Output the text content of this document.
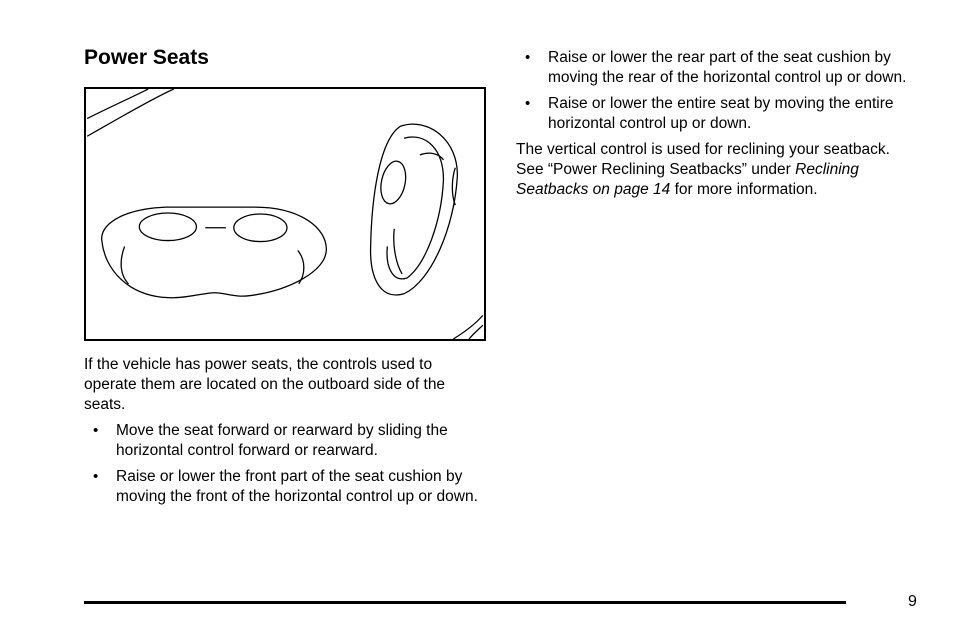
Power Seats

If the vehicle has power seats, the controls used to operate them are located on the outboard side of the seats.

• Move the seat forward or rearward by sliding the horizontal control forward or rearward.
• Raise or lower the front part of the seat cushion by moving the front of the horizontal control up or down.
• Raise or lower the rear part of the seat cushion by moving the rear of the horizontal control up or down.
• Raise or lower the entire seat by moving the entire horizontal control up or down.

The vertical control is used for reclining your seatback. See “Power Reclining Seatbacks” under Reclining Seatbacks on page 14 for more information.

9
